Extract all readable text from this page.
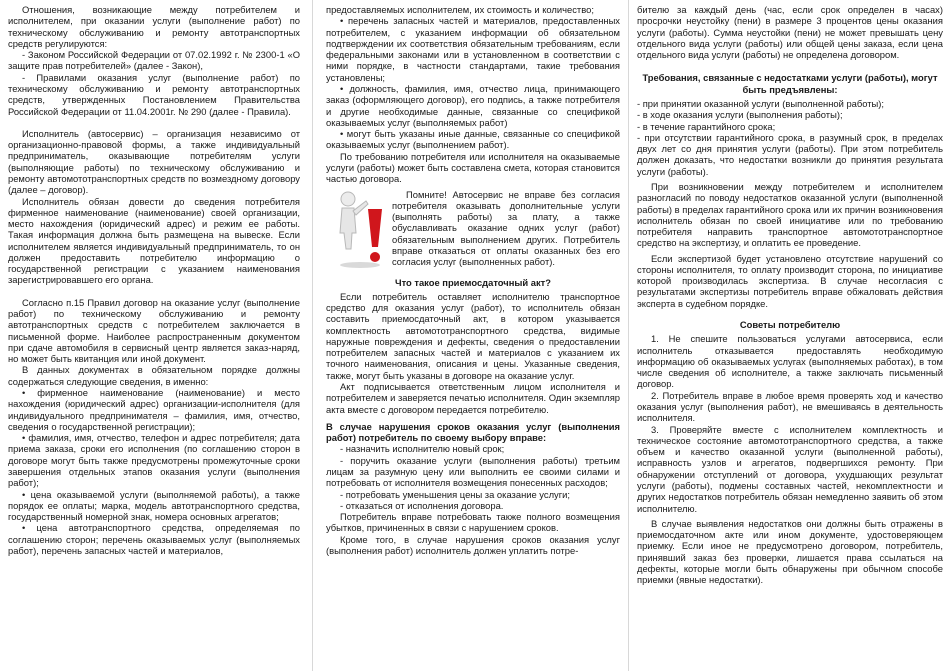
Отношения, возникающие между потребителем и исполнителем, при оказании услуги (выполнение работ) по техническому обслуживанию и ремонту автотранспортных средств регулируются:

- Законом Российской Федерации от 07.02.1992 г. № 2300-1 «О защите прав потребителей» (далее - Закон),

- Правилами оказания услуг (выполнение работ) по техническому обслуживанию и ремонту автотранспортных средств, утвержденных Постановлением Правительства Российской Федерации от 11.04.2001г. № 290 (далее - Правила).

Исполнитель (автосервис) – организация независимо от организационно-правовой формы, а также индивидуальный предприниматель, оказывающие потребителям услуги (выполняющие работы) по техническому обслуживанию и ремонту автомототранспортных средств по возмездному договору (далее – договор).

Исполнитель обязан довести до сведения потребителя фирменное наименование (наименование) своей организации, место нахождения (юридический адрес) и режим ее работы. Такая информация должна быть размещена на вывеске. Если исполнителем является индивидуальный предприниматель, то он должен предоставить потребителю информацию о государственной регистрации с указанием наименования зарегистрировавшего его органа.

Согласно п.15 Правил договор на оказание услуг (выполнение работ) по техническому обслуживанию и ремонту автотранспортных средств с потребителем заключается в письменной форме. Наиболее распространенным документом при сдаче автомобиля в сервисный центр является заказ-наряд, но может быть квитанция или иной документ.

В данных документах в обязательном порядке должны содержаться следующие сведения, в именно:

• фирменное наименование (наименование) и место нахождения (юридический адрес) организации-исполнителя (для индивидуального предпринимателя – фамилия, имя, отчество, сведения о государственной регистрации);

• фамилия, имя, отчество, телефон и адрес потребителя; дата приема заказа, сроки его исполнения (по соглашению сторон в договоре могут быть также предусмотрены промежуточные сроки завершения отдельных этапов оказания услуги (выполнения работ);

• цена оказываемой услуги (выполняемой работы), а также порядок ее оплаты; марка, модель автотранспортного средства, государственный номерной знак, номера основных агрегатов;

• цена автотранспортного средства, определяемая по соглашению сторон; перечень оказываемых услуг (выполняемых работ), перечень запасных частей и материалов,

предоставляемых исполнителем, их стоимость и количество;

• перечень запасных частей и материалов, предоставленных потребителем, с указанием информации об обязательном подтверждении их соответствия обязательным требованиям, если федеральными законами или в установленном в соответствии с ними порядке, в частности стандартами, такие требования установлены;

• должность, фамилия, имя, отчество лица, принимающего заказ (оформляющего договор), его подпись, а также потребителя и другие необходимые данные, связанные со спецификой оказываемых услуг (выполняемых работ)

• могут быть указаны иные данные, связанные со спецификой оказываемых услуг (выполнением работ).

По требованию потребителя или исполнителя на оказываемые услуги (работы) может быть составлена смета, которая становится частью договора.

Помните! Автосервис не вправе без согласия потребителя оказывать дополнительные услуги (выполнять работы) за плату, а также обуславливать оказание одних услуг (работ) обязательным выполнением других. Потребитель вправе отказаться от оплаты оказанных без его согласия услуг (выполненных работ).

Что такое приемосдаточный акт?

Если потребитель оставляет исполнителю транспортное средство для оказания услуг (работ), то исполнитель обязан составить приемосдаточный акт, в котором указывается комплектность автомототранспортного средства, видимые наружные повреждения и дефекты, сведения о предоставлении потребителем запасных частей и материалов с указанием их точного наименования, описания и цены. Указанные сведения, также, могут быть указаны в договоре на оказание услуг.

Акт подписывается ответственным лицом исполнителя и потребителем и заверяется печатью исполнителя. Один экземпляр акта вместе с договором передается потребителю.

В случае нарушения сроков оказания услуг (выполнения работ) потребитель по своему выбору вправе:

- назначить исполнителю новый срок;

- поручить оказание услуги (выполнения работы) третьим лицам за разумную цену или выполнить ее своими силами и потребовать от исполнителя возмещения понесенных расходов;

- потребовать уменьшения цены за оказание услуги;

- отказаться от исполнения договора.

Потребитель вправе потребовать также полного возмещения убытков, причиненных в связи с нарушением сроков.

Кроме того, в случае нарушения сроков оказания услуг (выполнения работ) исполнитель должен уплатить потре-

бителю за каждый день (час, если срок определен в часах) просрочки неустойку (пени) в размере 3 процентов цены оказания услуги (работы). Сумма неустойки (пени) не может превышать цену отдельного вида услуги (работы) или общей цены заказа, если цена отдельного вида услуги (работы) не определена договором.

Требования, связанные с недостатками услуги (работы), могут быть предъявлены:

- при принятии оказанной услуги (выполненной работы);

- в ходе оказания услуги (выполнения работы);

- в течение гарантийного срока;

- при отсутствии гарантийного срока, в разумный срок, в пределах двух лет со дня принятия услуги (работы). При этом потребитель должен доказать, что недостатки возникли до принятия результата услуги (работы).

При возникновении между потребителем и исполнителем разногласий по поводу недостатков оказанной услуги (выполненной работы) в пределах гарантийного срока или их причин возникновения исполнитель обязан по своей инициативе или по требованию потребителя направить транспортное автомототранспортное средство на экспертизу, и оплатить ее проведение.

Если экспертизой будет установлено отсутствие нарушений со стороны исполнителя, то оплату производит сторона, по инициативе которой производилась экспертиза. В случае несогласия с результатами экспертизы потребитель вправе обжаловать действия эксперта в судебном порядке.

Советы потребителю

1. Не спешите пользоваться услугами автосервиса, если исполнитель отказывается предоставлять необходимую информацию об оказываемых услугах (выполняемых работах), в том числе сведения об исполнителе, а также заключать письменный договор.

2. Потребитель вправе в любое время проверять ход и качество оказания услуг (выполнения работ), не вмешиваясь в деятельность исполнителя.

3. Проверяйте вместе с исполнителем комплектность и техническое состояние автомототранспортного средства, а также объем и качество оказанной услуги (выполненной работы), исправность узлов и агрегатов, подвергшихся ремонту. При обнаружении отступлений от договора, ухудшающих результат услуги (работы), подмены составных частей, некомплектности и других недостатков потребитель обязан немедленно заявить об этом исполнителю.

В случае выявления недостатков они должны быть отражены в приемосдаточном акте или ином документе, удостоверяющем приемку. Если иное не предусмотрено договором, потребитель, принявший заказ без проверки, лишается права ссылаться на дефекты, которые могли быть обнаружены при обычном способе приемки (явные недостатки).
